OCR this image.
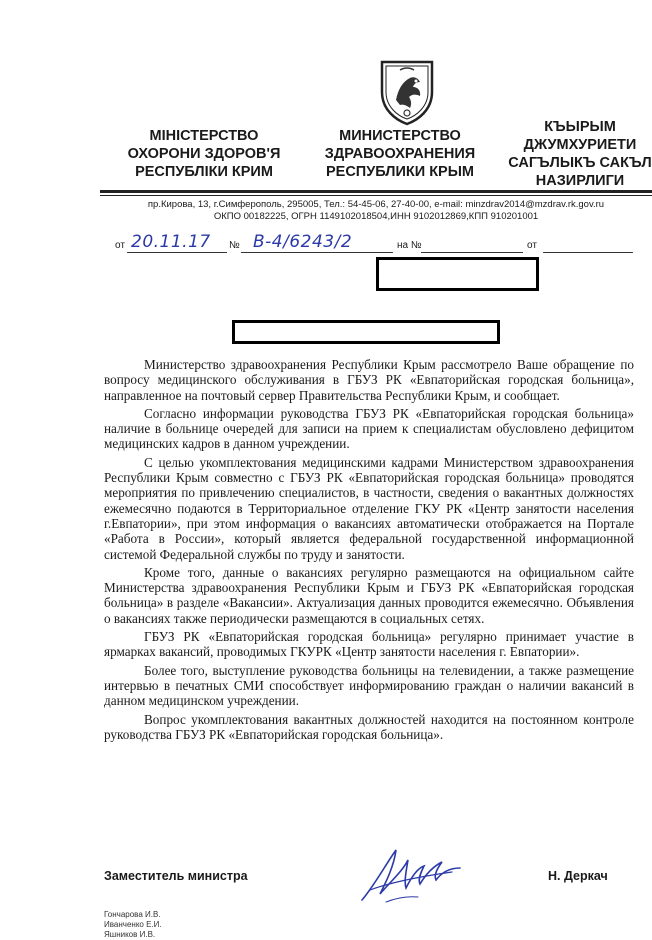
МІНІСТЕРСТВО
ОХОРОНИ ЗДОРОВ'Я
РЕСПУБЛІКИ КРИМ
МИНИСТЕРСТВО
ЗДРАВООХРАНЕНИЯ
РЕСПУБЛИКИ КРЫМ
КЪЫРЫМ
ДЖУМХУРИЕТИ
САГЪЛЫКЪ САКЪЛ
НАЗИРЛИГИ
пр.Кирова, 13, г.Симферополь, 295005, Тел.: 54-45-06, 27-40-00, e-mail: minzdrav2014@mzdrav.rk.gov.ru
ОКПО 00182225, ОГРН 1149102018504,ИНН 9102012869,КПП 910201001
от 20.11.17 № В-4/6243/2	на №	от

Министерство здравоохранения Республики Крым рассмотрело Ваше обращение по вопросу медицинского обслуживания в ГБУЗ РК «Евпаторийская городская больница», направленное на почтовый сервер Правительства Республики Крым, и сообщает.

Согласно информации руководства ГБУЗ РК «Евпаторийская городская больница» наличие в больнице очередей для записи на прием к специалистам обусловлено дефицитом медицинских кадров в данном учреждении.

С целью укомплектования медицинскими кадрами Министерством здравоохранения Республики Крым совместно с ГБУЗ РК «Евпаторийская городская больница» проводятся мероприятия по привлечению специалистов, в частности, сведения о вакантных должностях ежемесячно подаются в Территориальное отделение ГКУ РК «Центр занятости населения г.Евпатории», при этом информация о вакансиях автоматически отображается на Портале «Работа в России», который является федеральной государственной информационной системой Федеральной службы по труду и занятости.

Кроме того, данные о вакансиях регулярно размещаются на официальном сайте Министерства здравоохранения Республики Крым и ГБУЗ РК «Евпаторийская городская больница» в разделе «Вакансии». Актуализация данных проводится ежемесячно. Объявления о вакансиях также периодически размещаются в социальных сетях.

ГБУЗ РК «Евпаторийская городская больница» регулярно принимает участие в ярмарках вакансий, проводимых ГКУРК «Центр занятости населения г. Евпатории».

Более того, выступление руководства больницы на телевидении, а также размещение интервью в печатных СМИ способствует информированию граждан о наличии вакансий в данном медицинском учреждении.

Вопрос укомплектования вакантных должностей находится на постоянном контроле руководства ГБУЗ РК «Евпаторийская городская больница».

Заместитель министра	Н. Деркач
Гончарова И.В.
Иванченко Е.И.
Яшников И.В.
